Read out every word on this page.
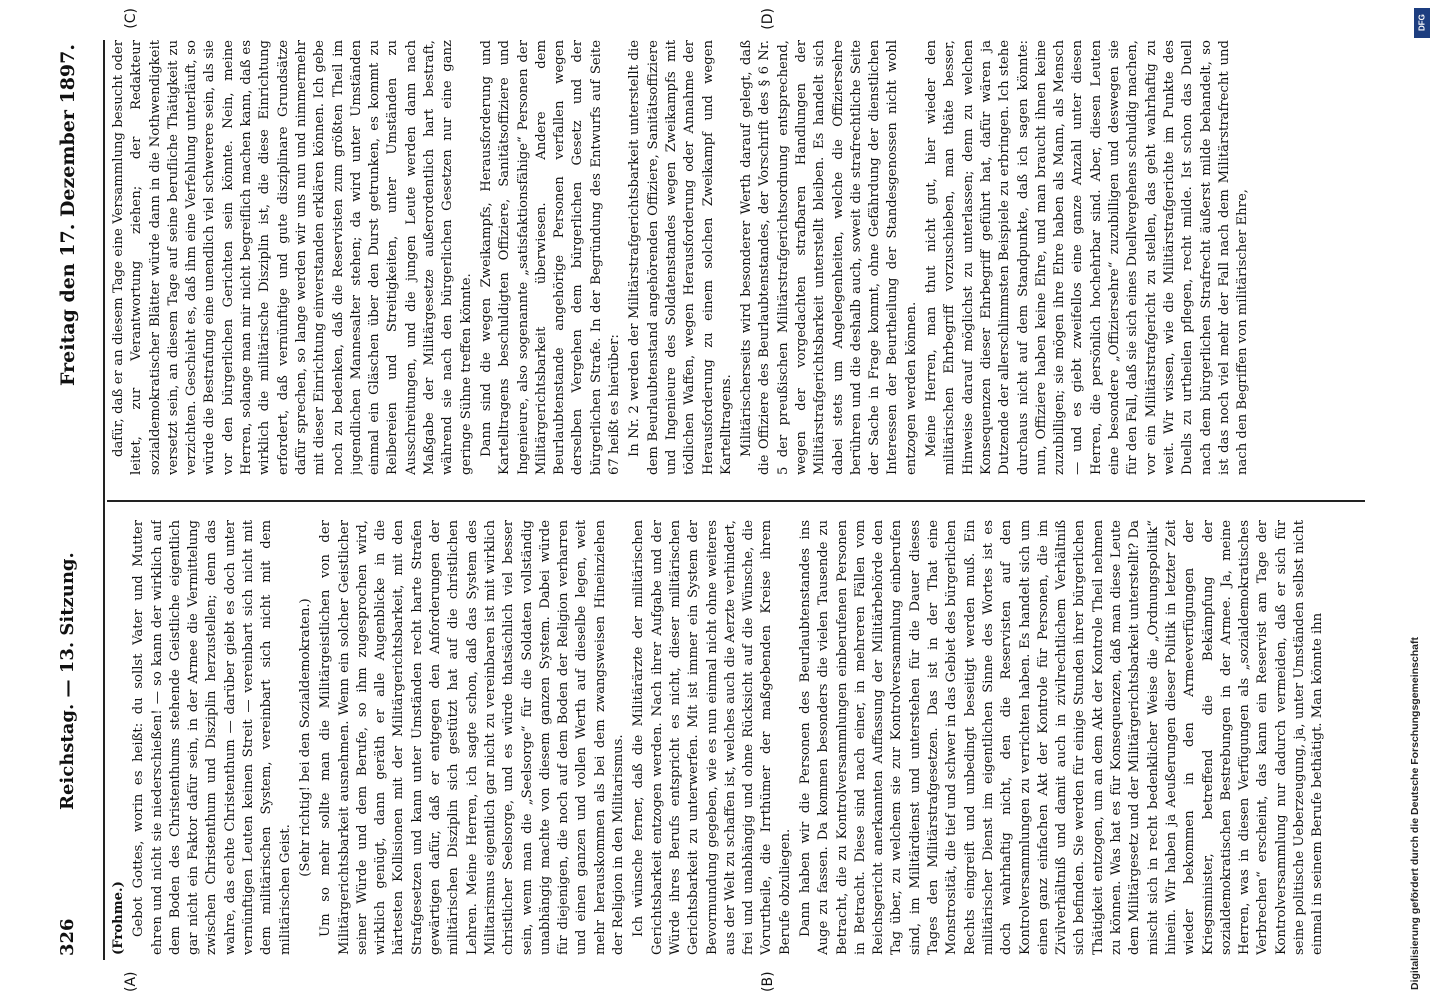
326
Reichstag. — 13. Sitzung.
Freitag den 17. Dezember 1897.
(A)	(B)
(C)	(D)

(Frohme.) Gebot Gottes, worin es heißt: du sollst Vater und Mutter ehren und nicht sie niederschießen! — so kann der wirklich auf dem Boden des Christenthums stehende Geistliche eigentlich gar nicht ein Faktor dafür sein, in der Armee die Vermittelung zwischen Christenthum und Disziplin herzustellen; denn das wahre, das echte Christenthum — darüber giebt es doch unter vernünftigen Leuten keinen Streit — vereinbart sich nicht mit dem militärischen System, vereinbart sich nicht mit dem militärischen Geist.

(Sehr richtig! bei den Sozialdemokraten.) Um so mehr sollte man die Militärgeistlichen von der Militärgerichtsbarkeit ausnehmen. Wenn ein solcher Geistlicher seiner Würde und dem Berufe, so ihm zugesprochen wird, wirklich genügt, dann geräth er alle Augenblicke in die härtesten Kollisionen mit der Militärgerichtsbarkeit, mit den Strafgesetzen und kann unter Umständen recht harte Strafen gewärtigen dafür, daß er entgegen den Anforderungen der militärischen Disziplin sich gestützt hat auf die christlichen Lehren. Meine Herren, ich sagte schon, daß das System des Militarismus eigentlich gar nicht zu vereinbaren ist mit wirklich christlicher Seelsorge, und es würde thatsächlich viel besser sein, wenn man die „Seelsorge“ für die Soldaten vollständig unabhängig machte von diesem ganzen System. Dabei würde für diejenigen, die noch auf dem Boden der Religion verharren und einen ganzen und vollen Werth auf dieselbe legen, weit mehr herauskommen als bei dem zwangsweisen Hineinziehen der Religion in den Militarismus. Ich wünsche ferner, daß die Militärärzte der militärischen Gerichtsbarkeit entzogen werden. Nach ihrer Aufgabe und der Würde ihres Berufs entspricht es nicht, dieser militärischen Gerichtsbarkeit zu unterwerfen. Mit ist immer ein System der Bevormundung gegeben, wie es nun einmal nicht ohne weiteres aus der Welt zu schaffen ist, welches auch die Aerzte verhindert, frei und unabhängig und ohne Rücksicht auf die Wünsche, die Vorurtheile, die Irrthümer der maßgebenden Kreise ihrem Berufe obzuliegen. Dann haben wir die Personen des Beurlaubtenstandes ins Auge zu fassen. Da kommen besonders die vielen Tausende zu Betracht, die zu Kontrolversammlungen einberufenen Personen in Betracht. Diese sind nach einer, in mehreren Fällen vom Reichsgericht anerkannten Auffassung der Militärbehörde den Tag über, zu welchem sie zur Kontrolversammlung einberufen sind, im Militärdienst und unterstehen für die Dauer dieses Tages den Militärstrafgesetzen. Das ist in der That eine Monstrosität, die tief und schwer in das Gebiet des bürgerlichen Rechts eingreift und unbedingt beseitigt werden muß. Ein militärischer Dienst im eigentlichen Sinne des Wortes ist es doch wahrhaftig nicht, den die Reservisten auf den Kontrolversammlungen zu verrichten haben. Es handelt sich um einen ganz einfachen Akt der Kontrole für Personen, die im Zivilverhältniß und damit auch in zivilrechtlichem Verhältniß sich befinden. Sie werden für einige Stunden ihrer bürgerlichen Thätigkeit entzogen, um an dem Akt der Kontrole Theil nehmen zu können. Was hat es für Konsequenzen, daß man diese Leute dem Militärgesetz und der Militärgerichtsbarkeit unterstellt? Da mischt sich in recht bedenklicher Weise die „Ordnungspolitik“ hinein. Wir haben ja Aeußerungen dieser Politik in letzter Zeit wieder bekommen in den Armeeverfügungen der Kriegsminister, betreffend die Bekämpfung der sozialdemokratischen Bestrebungen in der Armee. Ja, meine Herren, was in diesen Verfügungen als „sozialdemokratisches Verbrechen“ erscheint, das kann ein Reservist am Tage der Kontrolversammlung nur dadurch vermeiden, daß er sich für seine politische Ueberzeugung, ja, unter Umständen selbst nicht einmal in seinem Berufe bethätigt. Man könnte ihn

dafür, daß er an diesem Tage eine Versammlung besucht oder leitet, zur Verantwortung ziehen; der Redakteur sozialdemokratischer Blätter würde dann in die Nothwendigkeit versetzt sein, an diesem Tage auf seine berufliche Thätigkeit zu verzichten. Geschieht es, daß ihm eine Verfehlung unterläuft, so würde die Bestrafung eine unendlich viel schwerere sein, als sie vor den bürgerlichen Gerichten sein könnte. Nein, meine Herren, solange man mir nicht begreiflich machen kann, daß es wirklich die militärische Disziplin ist, die diese Einrichtung erfordert, daß vernünftige und gute disziplinare Grundsätze dafür sprechen, so lange werden wir uns nun und nimmermehr mit dieser Einrichtung einverstanden erklären können. Ich gebe noch zu bedenken, daß die Reservisten zum größten Theil im jugendlichen Mannesalter stehen; da wird unter Umständen einmal ein Gläschen über den Durst getrunken, es kommt zu Reibereien und Streitigkeiten, unter Umständen zu Ausschreitungen, und die jungen Leute werden dann nach Maßgabe der Militärgesetze außerordentlich hart bestraft, während sie nach den bürgerlichen Gesetzen nur eine ganz geringe Sühne treffen könnte. Dann sind die wegen Zweikampfs, Herausforderung und Kartelltragens beschuldigten Offiziere, Sanitätsoffiziere und Ingenieure, also sogenannte „satisfaktionsfähige“ Personen der Militärgerichtsbarkeit überwiesen. Andere dem Beurlaubtenstande angehörige Personen verfallen wegen derselben Vergehen dem bürgerlichen Gesetz und der bürgerlichen Strafe. In der Begründung des Entwurfs auf Seite 67 heißt es hierüber: In Nr. 2 werden der Militärstrafgerichtsbarkeit unterstellt die dem Beurlaubtenstand angehörenden Offiziere, Sanitätsoffiziere und Ingenieure des Soldatenstandes wegen Zweikampfs mit tödlichen Waffen, wegen Herausforderung oder Annahme der Herausforderung zu einem solchen Zweikampf und wegen Kartelltragens. Militärischerseits wird besonderer Werth darauf gelegt, daß die Offiziere des Beurlaubtenstandes, der Vorschrift des § 6 Nr. 5 der preußischen Militärstrafgerichtsordnung entsprechend, wegen der vorgedachten strafbaren Handlungen der Militärstrafgerichtsbarkeit unterstellt bleiben. Es handelt sich dabei stets um Angelegenheiten, welche die Offiziersehre berühren und die deshalb auch, soweit die strafrechtliche Seite der Sache in Frage kommt, ohne Gefährdung der dienstlichen Interessen der Beurtheilung der Standesgenossen nicht wohl entzogen werden können. Meine Herren, man thut nicht gut, hier wieder den militärischen Ehrbegriff vorzuschieben, man thäte besser, Hinweise darauf möglichst zu unterlassen; denn zu welchen Konsequenzen dieser Ehrbegriff geführt hat, dafür wären ja Dutzende der allerschlimmsten Beispiele zu erbringen. Ich stehe durchaus nicht auf dem Standpunkte, daß ich sagen könnte: nun, Offiziere haben keine Ehre, und man braucht ihnen keine zuzubilligen; sie mögen ihre Ehre haben als Mann, als Mensch — und es giebt zweifellos eine ganze Anzahl unter diesen Herren, die persönlich hochehrbar sind. Aber, diesen Leuten eine besondere „Offiziersehre“ zuzubilligen und deswegen sie für den Fall, daß sie sich eines Duellvergehens schuldig machen, vor ein Militärstrafgericht zu stellen, das geht wahrhaftig zu weit. Wir wissen, wie die Militärstrafgerichte im Punkte des Duells zu urtheilen pflegen, recht milde. Ist schon das Duell nach dem bürgerlichen Strafrecht äußerst milde behandelt, so ist das noch viel mehr der Fall nach dem Militärstrafrecht und nach den Begriffen von militärischer Ehre,

DFG
Digitalisierung gefördert durch die Deutsche Forschungsgemeinschaft
